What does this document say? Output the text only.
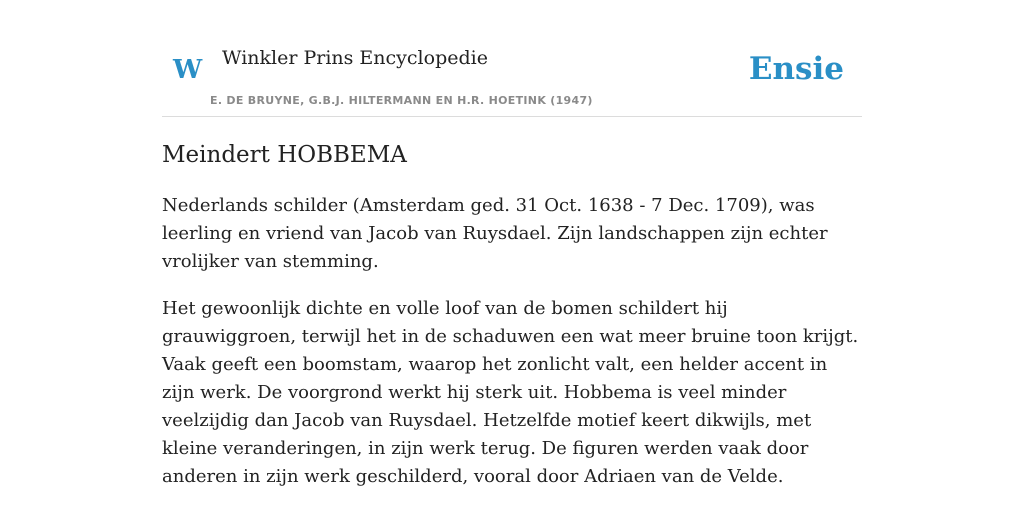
W Winkler Prins Encyclopedie
E. DE BRUYNE, G.B.J. HILTERMANN EN H.R. HOETINK (1947)
Ensie
Meindert HOBBEMA

Nederlands schilder (Amsterdam ged. 31 Oct. 1638 - 7 Dec. 1709), was leerling en vriend van Jacob van Ruysdael. Zijn landschappen zijn echter vrolijker van stemming.

Het gewoonlijk dichte en volle loof van de bomen schildert hij grauwiggroen, terwijl het in de schaduwen een wat meer bruine toon krijgt. Vaak geeft een boomstam, waarop het zonlicht valt, een helder accent in zijn werk. De voorgrond werkt hij sterk uit. Hobbema is veel minder veelzijdig dan Jacob van Ruysdael. Hetzelfde motief keert dikwijls, met kleine veranderingen, in zijn werk terug. De figuren werden vaak door anderen in zijn werk geschilderd, vooral door Adriaen van de Velde.
